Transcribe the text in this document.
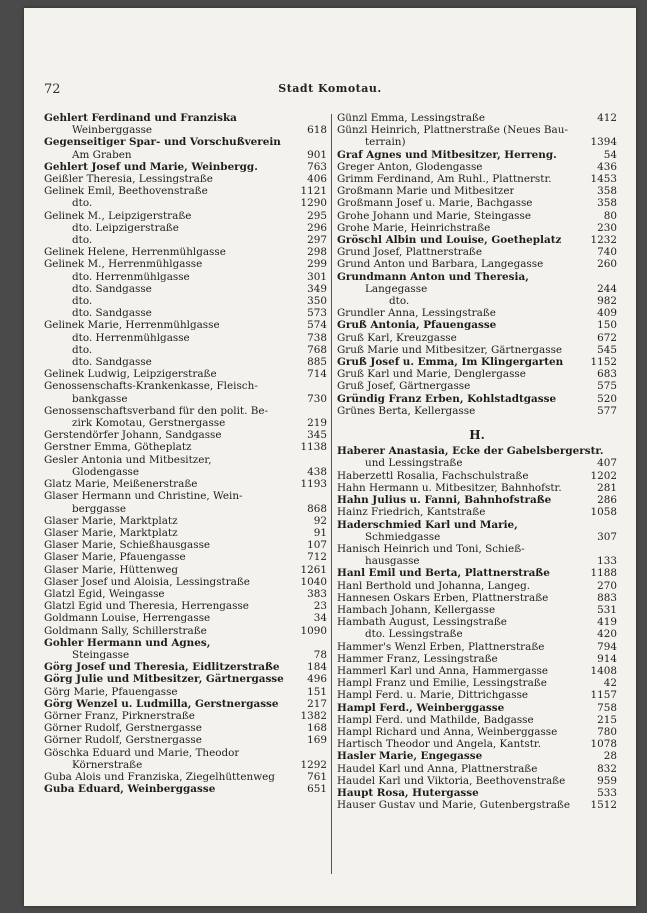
72	Stadt Komotau.
Gehlert Ferdinand und Franziska
Weinberggasse	618
Gegenseitiger Spar- und Vorschußverein
Am Graben	901
Gehlert Josef und Marie, Weinbergg.	763
Geißler Theresia, Lessingstraße	406
Gelinek Emil, Beethovenstraße	1121
dto.	1290
Gelinek M., Leipzigerstraße	295
dto. Leipzigerstraße	296
dto.	297
Gelinek Helene, Herrenmühlgasse	298
Gelinek M., Herrenmühlgasse	299
dto. Herrenmühlgasse	301
dto. Sandgasse	349
dto.	350
dto. Sandgasse	573
Gelinek Marie, Herrenmühlgasse	574
dto. Herrenmühlgasse	738
dto.	768
dto. Sandgasse	885
Gelinek Ludwig, Leipzigerstraße	714
Genossenschafts-Krankenkasse, Fleisch-
bankgasse	730
Genossenschaftsverband für den polit. Be-
zirk Komotau, Gerstnergasse	219
Gerstendörfer Johann, Sandgasse	345
Gerstner Emma, Götheplatz	1138
Gesler Antonia und Mitbesitzer,
Glodengasse	438
Glatz Marie, Meißenerstraße	1193
Glaser Hermann und Christine, Wein-
berggasse	868
Glaser Marie, Marktplatz	92
Glaser Marie, Marktplatz	91
Glaser Marie, Schießhausgasse	107
Glaser Marie, Pfauengasse	712
Glaser Marie, Hüttenweg	1261
Glaser Josef und Aloisia, Lessingstraße	1040
Glatzl Egid, Weingasse	383
Glatzl Egid und Theresia, Herrengasse	23
Goldmann Louise, Herrengasse	34
Goldmann Sally, Schillerstraße	1090
Gohler Hermann und Agnes,
Steingasse	78
Görg Josef und Theresia, Eidlitzerstraße	184
Görg Julie und Mitbesitzer, Gärtnergasse	496
Görg Marie, Pfauengasse	151
Görg Wenzel u. Ludmilla, Gerstnergasse	217
Görner Franz, Pirknerstraße	1382
Görner Rudolf, Gerstnergasse	168
Görner Rudolf, Gerstnergasse	169
Göschka Eduard und Marie, Theodor
Körnerstraße	1292
Guba Alois und Franziska, Ziegelhüttenweg	761
Guba Eduard, Weinberggasse	651
Günzl Emma, Lessingstraße	412
Günzl Heinrich, Plattnerstraße (Neues Bau-
terrain)	1394
Graf Agnes und Mitbesitzer, Herreng.	54
Greger Anton, Glodengasse	436
Grimm Ferdinand, Am Ruhl., Plattnerstr.	1453
Großmann Marie und Mitbesitzer	358
Großmann Josef u. Marie, Bachgasse	358
Grohe Johann und Marie, Steingasse	80
Grohe Marie, Heinrichstraße	230
Gröschl Albin und Louise, Goetheplatz	1232
Grund Josef, Plattnerstraße	740
Grund Anton und Barbara, Langegasse	260
Grundmann Anton und Theresia,
Langegasse	244
dto.	982
Grundler Anna, Lessingstraße	409
Gruß Antonia, Pfauengasse	150
Gruß Karl, Kreuzgasse	672
Gruß Marie und Mitbesitzer, Gärtnergasse	545
Gruß Josef u. Emma, Im Klingergarten	1152
Gruß Karl und Marie, Denglergasse	683
Gruß Josef, Gärtnergasse	575
Gründig Franz Erben, Kohlstadtgasse	520
Grünes Berta, Kellergasse	577
H.
Haberer Anastasia, Ecke der Gabelsbergerstr.
und Lessingstraße	407
Haberzettl Rosalia, Fachschulstraße	1202
Hahn Hermann u. Mitbesitzer, Bahnhofstr.	281
Hahn Julius u. Fanni, Bahnhofstraße	286
Hainz Friedrich, Kantstraße	1058
Haderschmied Karl und Marie,
Schmiedgasse	307
Hanisch Heinrich und Toni, Schieß-
hausgasse	133
Hanl Emil und Berta, Plattnerstraße	1188
Hanl Berthold und Johanna, Langeg.	270
Hannesen Oskars Erben, Plattnerstraße	883
Hambach Johann, Kellergasse	531
Hambath August, Lessingstraße	419
dto. Lessingstraße	420
Hammer's Wenzl Erben, Plattnerstraße	794
Hammer Franz, Lessingstraße	914
Hammerl Karl und Anna, Hammergasse	1408
Hampl Franz und Emilie, Lessingstraße	42
Hampl Ferd. u. Marie, Dittrichgasse	1157
Hampl Ferd., Weinberggasse	758
Hampl Ferd. und Mathilde, Badgasse	215
Hampl Richard und Anna, Weinberggasse	780
Hartisch Theodor und Angela, Kantstr.	1078
Hasler Marie, Engegasse	28
Haudel Karl und Anna, Plattnerstraße	832
Haudel Karl und Viktoria, Beethovenstraße	959
Haupt Rosa, Hutergasse	533
Hauser Gustav und Marie, Gutenbergstraße	1512
